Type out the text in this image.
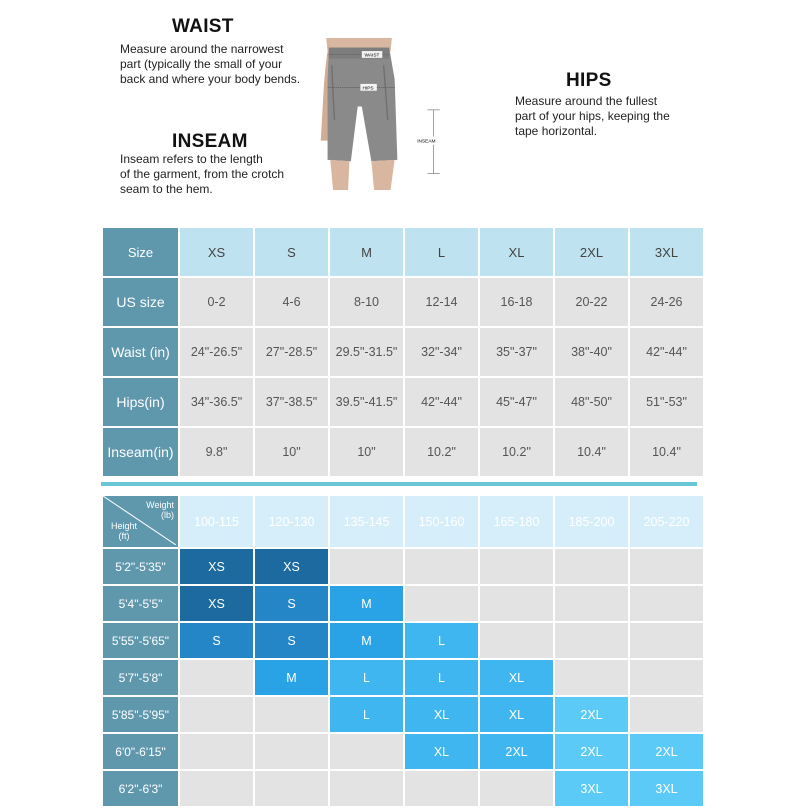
WAIST
Measure around the narrowest
part (typically the small of your
back and where your body bends.
INSEAM
Inseam refers to the length
of the garment, from the crotch
seam to the hem.
HIPS
Measure around the fullest
part of your hips, keeping the
tape horizontal.
WAIST
HIPS
INSEAM
Size	XS	S	M	L	XL	2XL	3XL
US size	0-2	4-6	8-10	12-14	16-18	20-22	24-26
Waist (in)	24"-26.5"	27"-28.5"	29.5"-31.5"	32"-34"	35"-37"	38"-40"	42"-44"
Hips(in)	34"-36.5"	37"-38.5"	39.5"-41.5"	42"-44"	45"-47"	48"-50"	51"-53"
Inseam(in)	9.8"	10"	10"	10.2"	10.2"	10.4"	10.4"
Weight (lb)
Height (ft)	100-115	120-130	135-145	150-160	165-180	185-200	205-220
5'2"-5'35"	XS	XS					
5'4"-5'5"	XS	S	M				
5'55"-5'65"	S	S	M	L			
5'7"-5'8"		M	L	L	XL		
5'85"-5'95"			L	XL	XL	2XL	
6'0"-6'15"				XL	2XL	2XL	2XL
6'2"-6'3"						3XL	3XL
